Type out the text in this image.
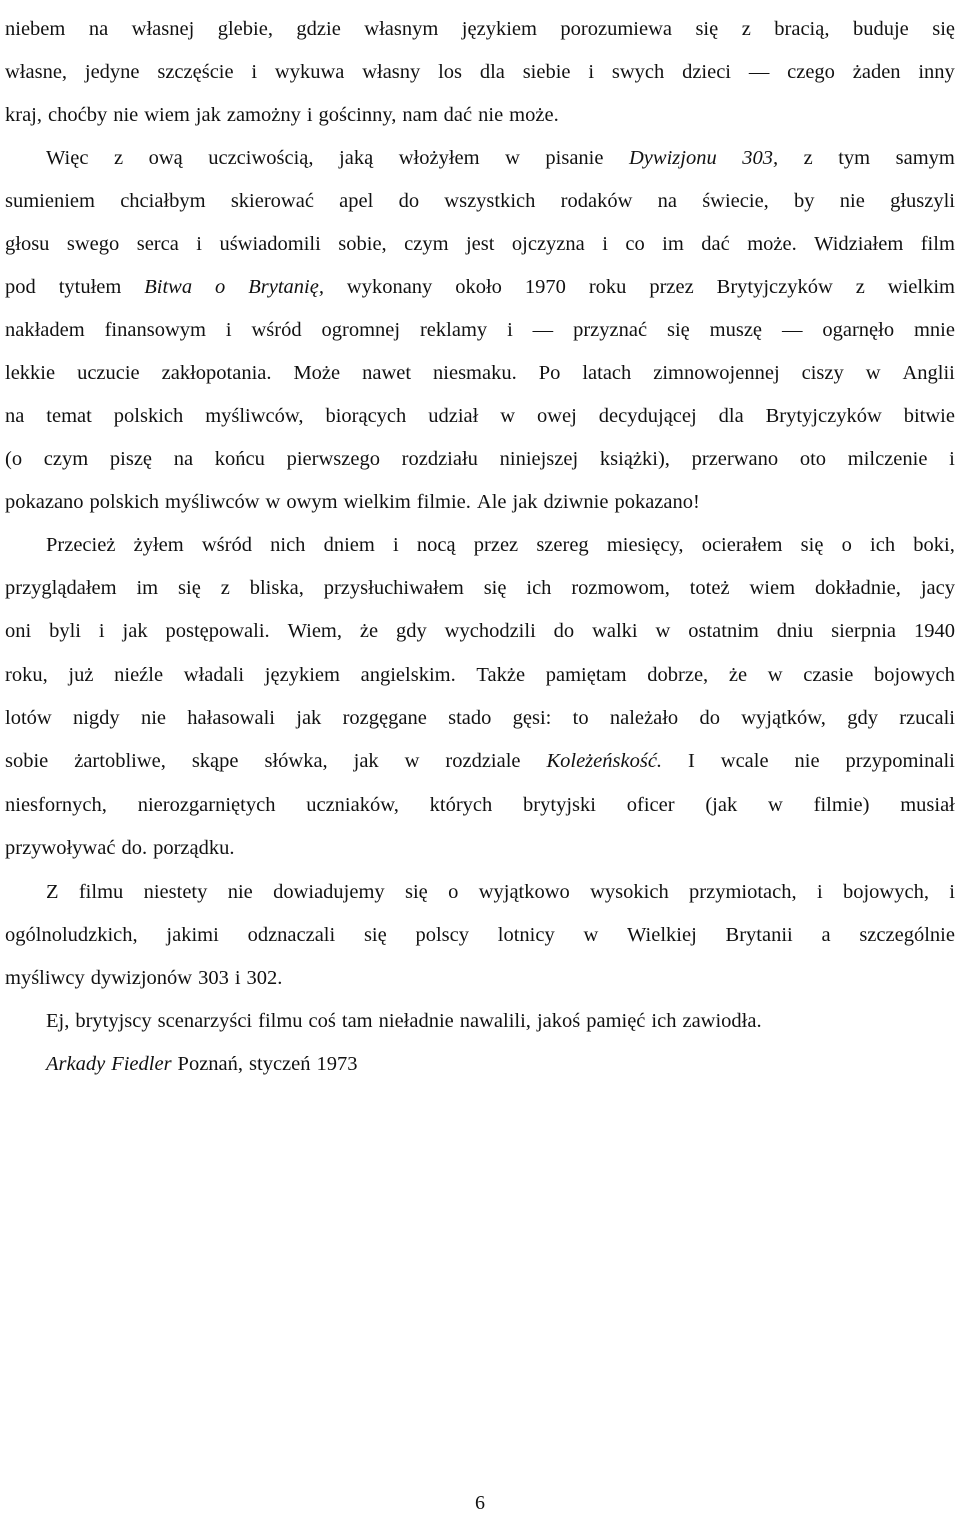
niebem na własnej glebie, gdzie własnym językiem porozumiewa się z bracią, buduje się
własne, jedyne szczęście i wykuwa własny los dla siebie i swych dzieci — czego żaden inny
kraj, choćby nie wiem jak zamożny i gościnny, nam dać nie może.
Więc z ową uczciwością, jaką włożyłem w pisanie Dywizjonu 303, z tym samym
sumieniem chciałbym skierować apel do wszystkich rodaków na świecie, by nie głuszyli
głosu swego serca i uświadomili sobie, czym jest ojczyzna i co im dać może. Widziałem film
pod tytułem Bitwa o Brytanię, wykonany około 1970 roku przez Brytyjczyków z wielkim
nakładem finansowym i wśród ogromnej reklamy i — przyznać się muszę — ogarnęło mnie
lekkie uczucie zakłopotania. Może nawet niesmaku. Po latach zimnowojennej ciszy w Anglii
na temat polskich myśliwców, biorących udział w owej decydującej dla Brytyjczyków bitwie
(o czym piszę na końcu pierwszego rozdziału niniejszej książki), przerwano oto milczenie i
pokazano polskich myśliwców w owym wielkim filmie. Ale jak dziwnie pokazano!
Przecież żyłem wśród nich dniem i nocą przez szereg miesięcy, ocierałem się o ich boki,
przyglądałem im się z bliska, przysłuchiwałem się ich rozmowom, toteż wiem dokładnie, jacy
oni byli i jak postępowali. Wiem, że gdy wychodzili do walki w ostatnim dniu sierpnia 1940
roku, już nieźle władali językiem angielskim. Także pamiętam dobrze, że w czasie bojowych
lotów nigdy nie hałasowali jak rozgęgane stado gęsi: to należało do wyjątków, gdy rzucali
sobie żartobliwe, skąpe słówka, jak w rozdziale Koleżeńskość. I wcale nie przypominali
niesfornych, nierozgarniętych uczniaków, których brytyjski oficer (jak w filmie) musiał
przywoływać do. porządku.
Z filmu niestety nie dowiadujemy się o wyjątkowo wysokich przymiotach, i bojowych, i
ogólnoludzkich, jakimi odznaczali się polscy lotnicy w Wielkiej Brytanii a szczególnie
myśliwcy dywizjonów 303 i 302.
Ej, brytyjscy scenarzyści filmu coś tam nieładnie nawalili, jakoś pamięć ich zawiodła.
Arkady Fiedler Poznań, styczeń 1973
6
